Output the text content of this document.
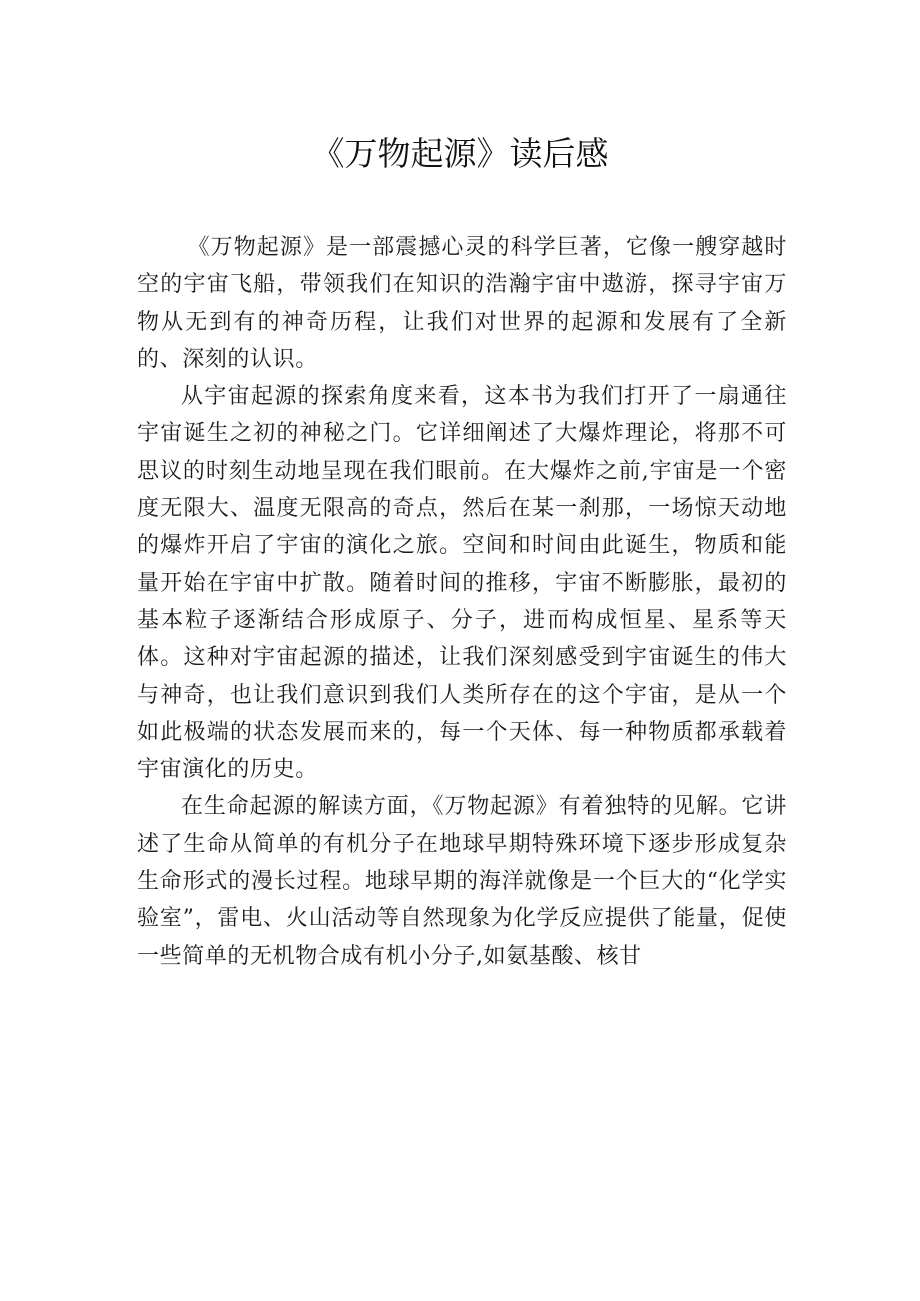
《万物起源》读后感

《万物起源》是一部震撼心灵的科学巨著，它像一艘穿越时空的宇宙飞船，带领我们在知识的浩瀚宇宙中遨游，探寻宇宙万物从无到有的神奇历程，让我们对世界的起源和发展有了全新的、深刻的认识。

从宇宙起源的探索角度来看，这本书为我们打开了一扇通往宇宙诞生之初的神秘之门。它详细阐述了大爆炸理论，将那不可思议的时刻生动地呈现在我们眼前。在大爆炸之前,宇宙是一个密度无限大、温度无限高的奇点，然后在某一刹那，一场惊天动地的爆炸开启了宇宙的演化之旅。空间和时间由此诞生，物质和能量开始在宇宙中扩散。随着时间的推移，宇宙不断膨胀，最初的基本粒子逐渐结合形成原子、分子，进而构成恒星、星系等天体。这种对宇宙起源的描述，让我们深刻感受到宇宙诞生的伟大与神奇，也让我们意识到我们人类所存在的这个宇宙，是从一个如此极端的状态发展而来的，每一个天体、每一种物质都承载着宇宙演化的历史。

在生命起源的解读方面，《万物起源》有着独特的见解。它讲述了生命从简单的有机分子在地球早期特殊环境下逐步形成复杂生命形式的漫长过程。地球早期的海洋就像是一个巨大的“化学实验室”，雷电、火山活动等自然现象为化学反应提供了能量，促使一些简单的无机物合成有机小分子,如氨基酸、核甘
